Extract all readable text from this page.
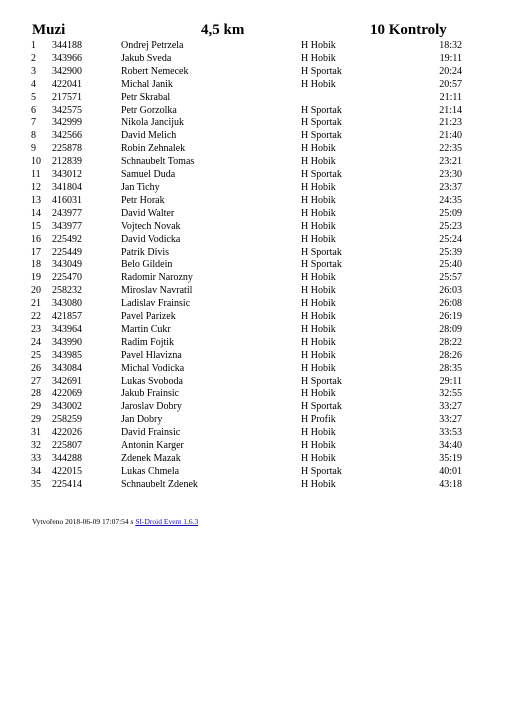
Muzi	4,5 km	10 Kontroly
1	344188	Ondrej Petrzela	H Hobik	18:32
2	343966	Jakub Sveda	H Hobik	19:11
3	342900	Robert Nemecek	H Sportak	20:24
4	422041	Michal Janik	H Hobik	20:57
5	217571	Petr Skrabal		21:11
6	342575	Petr Gorzolka	H Sportak	21:14
7	342999	Nikola Jancijuk	H Sportak	21:23
8	342566	David Melich	H Sportak	21:40
9	225878	Robin Zehnalek	H Hobik	22:35
10	212839	Schnaubelt Tomas	H Hobik	23:21
11	343012	Samuel Duda	H Sportak	23:30
12	341804	Jan Tichy	H Hobik	23:37
13	416031	Petr Horak	H Hobik	24:35
14	243977	David Walter	H Hobik	25:09
15	343977	Vojtech Novak	H Hobik	25:23
16	225492	David Vodicka	H Hobik	25:24
17	225449	Patrik Divis	H Sportak	25:39
18	343049	Belo Gildein	H Sportak	25:40
19	225470	Radomir Narozny	H Hobik	25:57
20	258232	Miroslav Navratil	H Hobik	26:03
21	343080	Ladislav Frainsic	H Hobik	26:08
22	421857	Pavel Parizek	H Hobik	26:19
23	343964	Martin Cukr	H Hobik	28:09
24	343990	Radim Fojtik	H Hobik	28:22
25	343985	Pavel Hlavizna	H Hobik	28:26
26	343084	Michal Vodicka	H Hobik	28:35
27	342691	Lukas Svoboda	H Sportak	29:11
28	422069	Jakub Frainsic	H Hobik	32:55
29	343002	Jaroslav Dobry	H Sportak	33:27
29	258259	Jan Dobry	H Profik	33:27
31	422026	David Frainsic	H Hobik	33:53
32	225807	Antonin Karger	H Hobik	34:40
33	344288	Zdenek Mazak	H Hobik	35:19
34	422015	Lukas Chmela	H Sportak	40:01
35	225414	Schnaubelt Zdenek	H Hobik	43:18
Vytvořeno 2018-06-09 17:07:54 s SI-Droid Event 1.6.3
